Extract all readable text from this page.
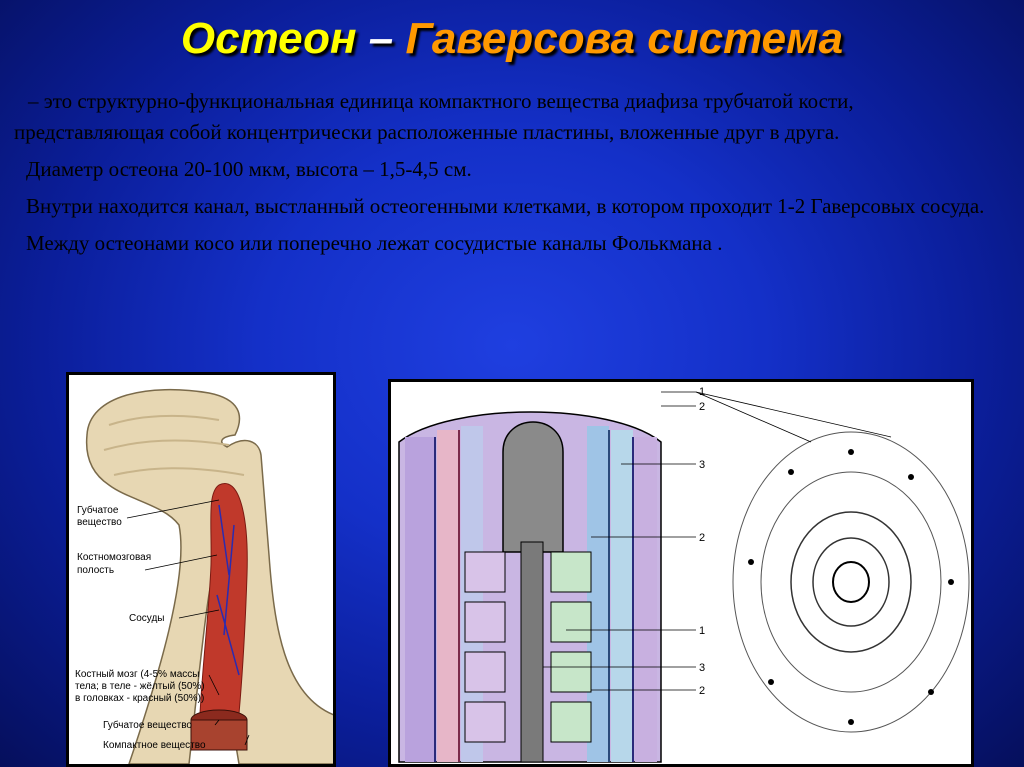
Остеон – Гаверсова система

– это структурно-функциональная единица компактного вещества диафиза трубчатой кости, представляющая собой концентрически расположенные пластины, вложенные друг в друга.

Диаметр остеона 20-100 мкм, высота – 1,5-4,5 см.

Внутри находится канал, выстланный остеогенными клетками, в котором проходит 1-2 Гаверсовых сосуда.

Между остеонами косо или поперечно лежат сосудистые каналы Фолькмана .

Губчатое
вещество
Костномозговая
полость
Сосуды
Костный мозг (4-5% массы
тела; в теле - жёлтый (50%)
в головках - красный (50%))
Губчатое вещество
Компактное вещество
1
2
3
2
1
3
2
